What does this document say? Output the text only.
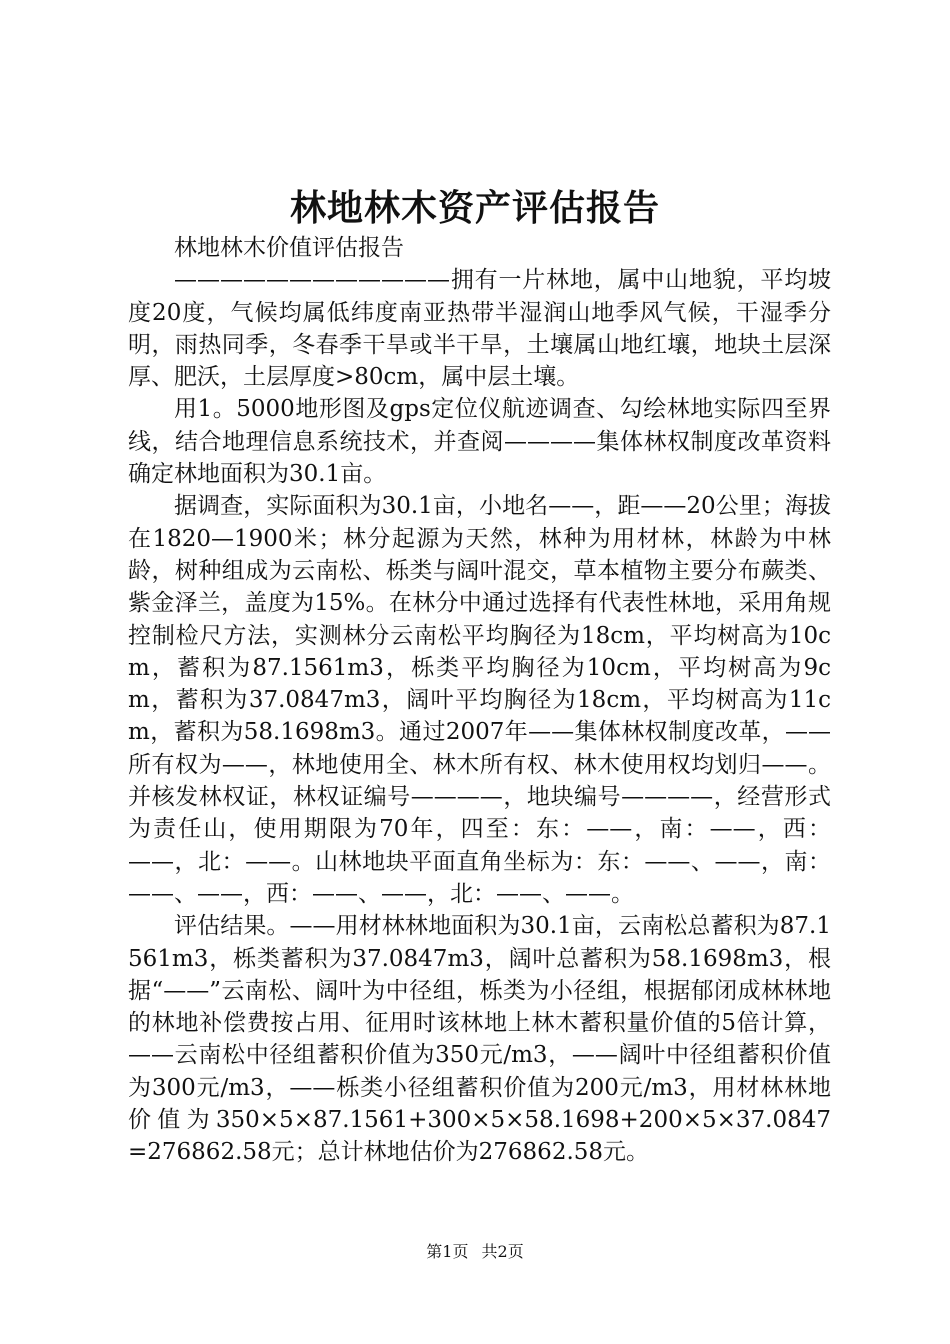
林地林木资产评估报告

林地林木价值评估报告

————————————拥有一片林地，属中山地貌，平均坡度20度，气候均属低纬度南亚热带半湿润山地季风气候，干湿季分明，雨热同季，冬春季干旱或半干旱，土壤属山地红壤，地块土层深厚、肥沃，土层厚度>80cm，属中层土壤。

用1。5000地形图及gps定位仪航迹调查、勾绘林地实际四至界线，结合地理信息系统技术，并查阅————集体林权制度改革资料确定林地面积为30.1亩。

据调查，实际面积为30.1亩，小地名——，距——20公里；海拔在1820—1900米；林分起源为天然，林种为用材林，林龄为中林龄，树种组成为云南松、栎类与阔叶混交，草本植物主要分布蕨类、紫金泽兰，盖度为15%。在林分中通过选择有代表性林地，采用角规控制检尺方法，实测林分云南松平均胸径为18cm，平均树高为10cm，蓄积为87.1561m3，栎类平均胸径为10cm，平均树高为9cm，蓄积为37.0847m3，阔叶平均胸径为18cm，平均树高为11cm，蓄积为58.1698m3。通过2007年——集体林权制度改革，——所有权为——，林地使用全、林木所有权、林木使用权均划归——。并核发林权证，林权证编号————，地块编号————，经营形式为责任山，使用期限为70年，四至：东：——，南：——，西：——，北：——。山林地块平面直角坐标为：东：——、——，南：——、——，西：——、——，北：——、——。

评估结果。——用材林林地面积为30.1亩，云南松总蓄积为87.1561m3，栎类蓄积为37.0847m3，阔叶总蓄积为58.1698m3，根据“——”云南松、阔叶为中径组，栎类为小径组，根据郁闭成林林地的林地补偿费按占用、征用时该林地上林木蓄积量价值的5倍计算，——云南松中径组蓄积价值为350元/m3，——阔叶中径组蓄积价值为300元/m3，——栎类小径组蓄积价值为200元/m3，用材林林地价值为350×5×87.1561+300×5×58.1698+200×5×37.0847=276862.58元；总计林地估价为276862.58元。

第1页 共2页
